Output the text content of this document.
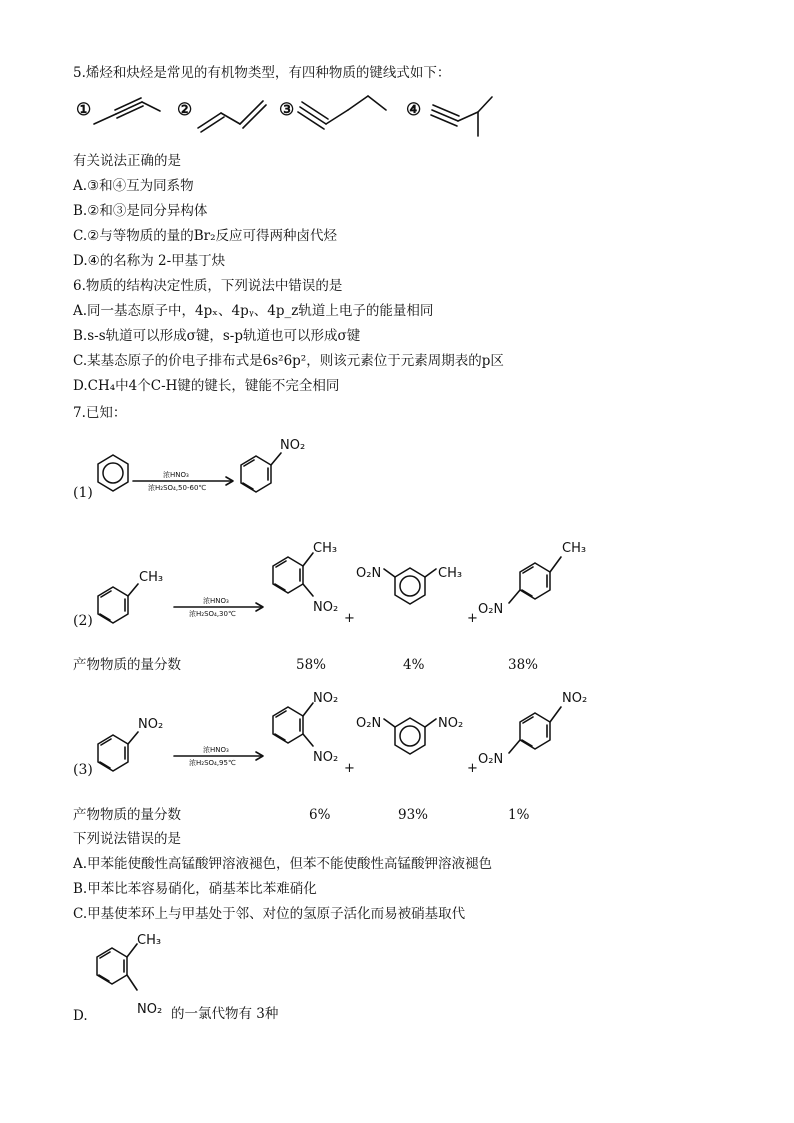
5.烯烃和炔烃是常见的有机物类型，有四种物质的键线式如下：
①	②	③	④
有关说法正确的是
A.③和④互为同系物
B.②和③是同分异构体
C.②与等物质的量的Br₂反应可得两种卤代烃
D.④的名称为 2-甲基丁炔
6.物质的结构决定性质，下列说法中错误的是
A.同一基态原子中，4pₓ、4pᵧ、4p_z轨道上电子的能量相同
B.s-s轨道可以形成σ键，s-p轨道也可以形成σ键
C.某基态原子的价电子排布式是6s²6p²，则该元素位于元素周期表的p区
D.CH₄中4个C-H键的键长，键能不完全相同
7.已知：
(1)
(2)
(3)
浓HNO₃
浓H₂SO₄,50-60℃
NO₂
CH₃
浓HNO₃
浓H₂SO₄,30℃
CH₃
NO₂
+
O₂N	CH₃
+
CH₃
O₂N
NO₂
浓HNO₃
浓H₂SO₄,95℃
NO₂
NO₂
+
O₂N	NO₂
+
NO₂
O₂N
CH₃
NO₂
产物物质的量分数	58%	4%	38%
产物物质的量分数	6%	93%	1%
下列说法错误的是
A.甲苯能使酸性高锰酸钾溶液褪色，但苯不能使酸性高锰酸钾溶液褪色
B.甲苯比苯容易硝化，硝基苯比苯难硝化
C.甲基使苯环上与甲基处于邻、对位的氢原子活化而易被硝基取代
D.	的一氯代物有 3种
